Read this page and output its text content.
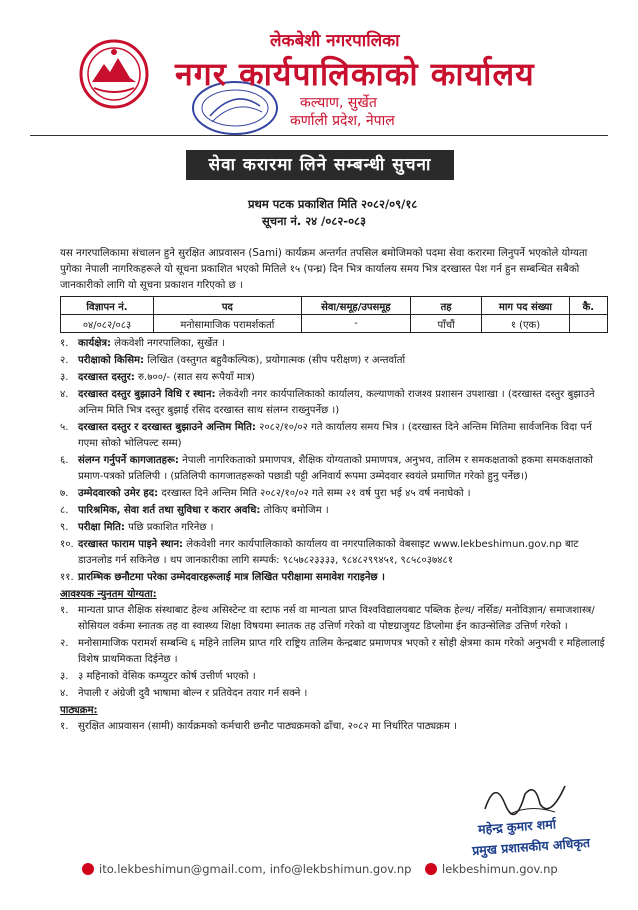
लेकबेशी नगरपालिका
नगर कार्यपालिकाको कार्यालय
कल्याण, सुर्खेत
कर्णाली प्रदेश, नेपाल
सेवा करारमा लिने सम्बन्धी सुचना
प्रथम पटक प्रकाशित मिति २०८२/०९/१८
सूचना नं. २४ /०८२-०८३
यस नगरपालिकामा संचालन हुने सुरक्षित आप्रवासन (Sami) कार्यक्रम अन्तर्गत तपसिल बमोजिमको पदमा सेवा करारमा लिनुपर्ने भएकोले योग्यता पुगेका नेपाली नागरिकहरूले यो सूचना प्रकाशित भएको मितिले १५ (पन्ध्र) दिन भित्र कार्यालय समय भित्र दरखास्त पेश गर्न हुन सम्बन्धित सबैको जानकारीको लागि यो सूचना प्रकाशन गरिएको छ ।
विज्ञापन नं.	पद	सेवा/समूह/उपसमूह	तह	माग पद संख्या	कै.
०४/०८२/०८३	मनोसामाजिक परामर्शकर्ता	-	पाँचौं	१ (एक)	
१. कार्यक्षेत्र: लेकवेशी नगरपालिका, सुर्खेत ।
२. परीक्षाको किसिम: लिखित (वस्तुगत बहुवैकल्पिक), प्रयोगात्मक (सीप परीक्षण) र अन्तर्वार्ता
३. दरखास्त दस्तुर: रु.७००/- (सात सय रूपैयाँ मात्र)
४. दरखास्त दस्तुर बुझाउने विधि र स्थान: लेकवेशी नगर कार्यपालिकाको कार्यालय, कल्याणको राजश्व प्रशासन उपशाखा । (दरखास्त दस्तुर बुझाउने अन्तिम मिति भित्र दस्तुर बुझाई रसिद दरखास्त साथ संलग्न राख्नुपर्नेछ ।)
५. दरखास्त दस्तुर र दरखास्त बुझाउने अन्तिम मिति: २०८२/१०/०२ गते कार्यालय समय भित्र । (दरखास्त दिने अन्तिम मितिमा सार्वजनिक विदा पर्न गएमा सोको भोलिपल्ट सम्म)
६. संलग्न गर्नुपर्ने कागजातहरू: नेपाली नागरिकताको प्रमाणपत्र, शैक्षिक योग्यताको प्रमाणपत्र, अनुभव, तालिम र समकक्षताको हकमा समकक्षताको प्रमाण-पत्रको प्रतिलिपी । (प्रतिलिपी कागजातहरूको पछाडी पट्टी अनिवार्य रूपमा उम्मेदवार स्वयंले प्रमाणित गरेको हुनु पर्नेछ।)
७. उम्मेदवारको उमेर हद: दरखास्त दिने अन्तिम मिति २०८२/१०/०२ गते सम्म २१ वर्ष पुरा भई ४५ वर्ष ननाघेको ।
८. पारिश्रमिक, सेवा शर्त तथा सुविधा र करार अवधि: तोकिए बमोजिम ।
९. परीक्षा मिति: पछि प्रकाशित गरिनेछ ।
१०. दरखास्त फाराम पाइने स्थान: लेकवेशी नगर कार्यपालिकाको कार्यालय वा नगरपालिकाको वेबसाइट www.lekbeshimun.gov.np बाट डाउनलोड गर्न सकिनेछ । थप जानकारीका लागि सम्पर्क: ९८५७८२३३३३, ९८४८२९९४५१, ९८५८०३७४८१
११. प्रारम्भिक छनौटमा परेका उम्मेदवारहरूलाई मात्र लिखित परीक्षामा समावेश गराइनेछ ।
आवश्यक न्युनतम योग्यता:
१. मान्यता प्राप्त शैक्षिक संस्थाबाट हेल्थ असिस्टेन्ट वा स्टाफ नर्स वा मान्यता प्राप्त विश्वविद्यालयबाट पब्लिक हेल्थ/ नर्सिङ/ मनोविज्ञान/ समाजशास्त्र/ सोसियल वर्कमा स्नातक तह वा स्वास्थ्य शिक्षा विषयमा स्नातक तह उत्तिर्ण गरेको वा पोष्टग्राजुयट डिप्लोमा ईन काउन्सेलिङ उत्तिर्ण गरेको ।
२. मनोसामाजिक परामर्श सम्बन्धि ६ महिने तालिम प्राप्त गरि राष्ट्रिय तालिम केन्द्रबाट प्रमाणपत्र भएको र सोही क्षेत्रमा काम गरेको अनुभवी र महिलालाई विशेष प्राथमिकता दिईनेछ ।
३. ३ महिनाको वेसिक कम्प्युटर कोर्ष उत्तीर्ण भएको ।
४. नेपाली र अंग्रेजी दुवै भाषामा बोल्न र प्रतिवेदन तयार गर्न सक्ने ।
पाठ्यक्रम:
१. सुरक्षित आप्रवासन (सामी) कार्यक्रमको कर्मचारी छनौट पाठ्यक्रमको ढाँचा, २०८२ मा निर्धारित पाठ्यक्रम ।
महेन्द्र कुमार शर्मा
प्रमुख प्रशासकीय अधिकृत
ito.lekbeshimun@gmail.com, info@lekbshimun.gov.np	lekbeshimun.gov.np
